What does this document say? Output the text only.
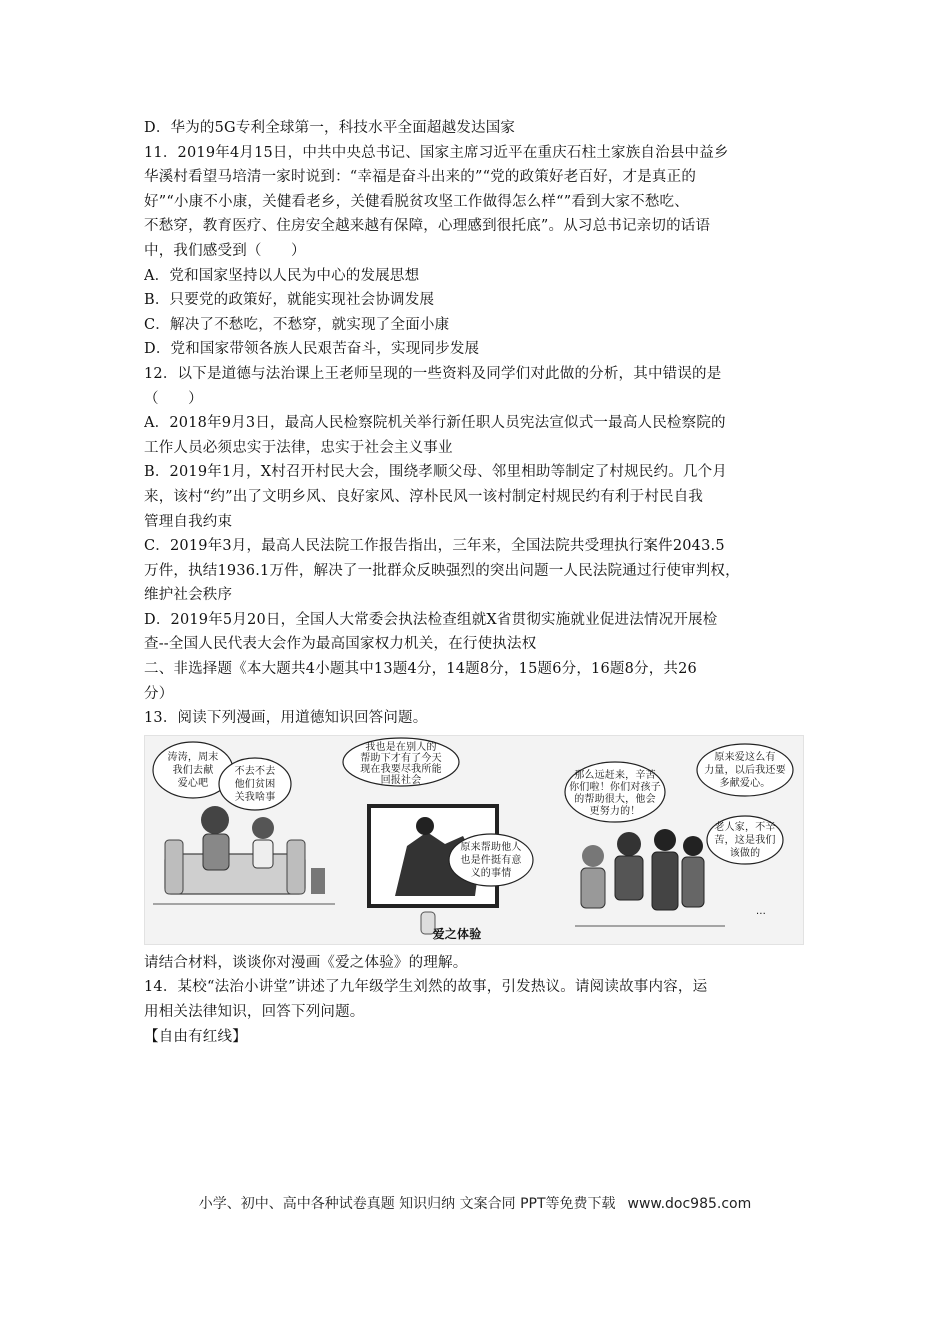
D．华为的5G专利全球第一，科技水平全面超越发达国家
11．2019年4月15日，中共中央总书记、国家主席习近平在重庆石柱土家族自治县中益乡
华溪村看望马培清一家时说到：“幸福是奋斗出来的”“党的政策好老百好，才是真正的
好”“小康不小康，关健看老乡，关健看脱贫攻坚工作做得怎么样“”看到大家不愁吃、
不愁穿，教育医疗、住房安全越来越有保障，心理感到很托底”。从习总书记亲切的话语
中，我们感受到（　　）
A．党和国家坚持以人民为中心的发展思想
B．只要党的政策好，就能实现社会协调发展
C．解决了不愁吃，不愁穿，就实现了全面小康
D．党和国家带领各族人民艰苦奋斗，实现同步发展
12．以下是道德与法治课上王老师呈现的一些资料及同学们对此做的分析，其中错误的是
（　　）
A．2018年9月3日，最高人民检察院机关举行新任职人员宪法宣似式一最高人民检察院的
工作人员必须忠实于法律，忠实于社会主义事业
B．2019年1月，X村召开村民大会，围绕孝顺父母、邻里相助等制定了村规民约。几个月
来，该村“约”出了文明乡风、良好家风、淳朴民风一该村制定村规民约有利于村民自我
管理自我约束
C．2019年3月，最高人民法院工作报告指出，三年来，全国法院共受理执行案件2043.5
万件，执结1936.1万件，解决了一批群众反映强烈的突出问题一人民法院通过行使审判权，
维护社会秩序
D．2019年5月20日，全国人大常委会执法检查组就X省贯彻实施就业促进法情况开展检
查--全国人民代表大会作为最高国家权力机关，在行使执法权
二、非选择题《本大题共4小题其中13题4分，14题8分，15题6分，16题8分，共26
分）
13．阅读下列漫画，用道德知识回答问题。
涛涛，周末
我们去献
爱心吧
不去不去
他们贫困
关我啥事
我也是在别人的
帮助下才有了今天
现在我要尽我所能
回报社会
原来帮助他人
也是件挺有意
义的事情
…
那么远赶来，辛苦
你们啦！你们对孩子
的帮助很大，他会
更努力的！
原来爱这么有
力量，以后我还要
多献爱心。
老人家，不辛
苦，这是我们
该做的
爱之体验
请结合材料，谈谈你对漫画《爱之体验》的理解。
14．某校“法治小讲堂”讲述了九年级学生刘然的故事，引发热议。请阅读故事内容，运
用相关法律知识，回答下列问题。
【自由有红线】
小学、初中、高中各种试卷真题 知识归纳 文案合同 PPT等免费下载 www.doc985.com
